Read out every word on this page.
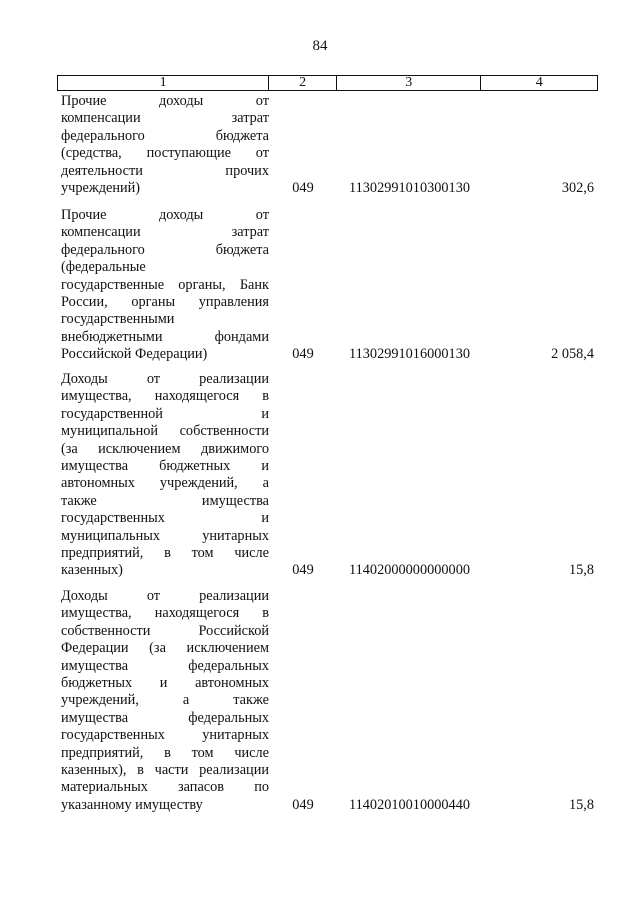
84
1	2	3	4
Прочие доходы от
компенсации затрат
федерального бюджета
(средства, поступающие от
деятельности прочих
учреждений)	049	11302991010300130	302,6
Прочие доходы от
компенсации затрат
федерального бюджета
(федеральные
государственные органы, Банк
России, органы управления
государственными
внебюджетными фондами
Российской Федерации)	049	11302991016000130	2 058,4
Доходы от реализации
имущества, находящегося в
государственной и
муниципальной собственности
(за исключением движимого
имущества бюджетных и
автономных учреждений, а
также имущества
государственных и
муниципальных унитарных
предприятий, в том числе
казенных)	049	11402000000000000	15,8
Доходы от реализации
имущества, находящегося в
собственности Российской
Федерации (за исключением
имущества федеральных
бюджетных и автономных
учреждений, а также
имущества федеральных
государственных унитарных
предприятий, в том числе
казенных), в части реализации
материальных запасов по
указанному имуществу	049	11402010010000440	15,8
